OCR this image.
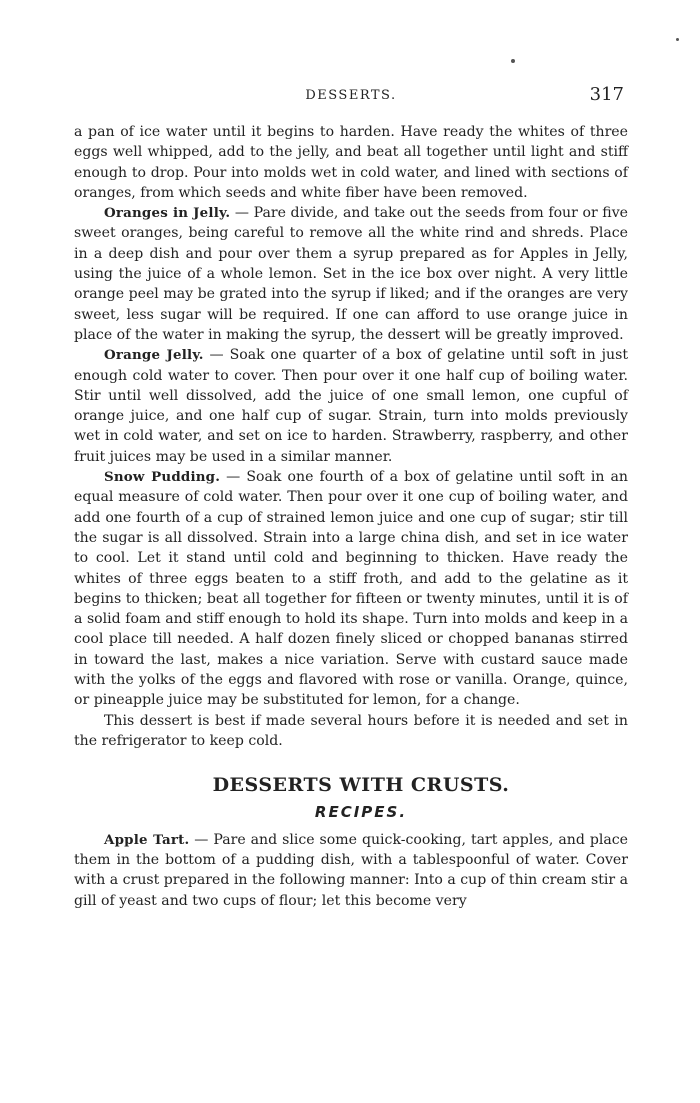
DESSERTS.	317

a pan of ice water until it begins to harden. Have ready the whites of three eggs well whipped, add to the jelly, and beat all together until light and stiff enough to drop. Pour into molds wet in cold water, and lined with sections of oranges, from which seeds and white fiber have been removed.

Oranges in Jelly. — Pare divide, and take out the seeds from four or five sweet oranges, being careful to remove all the white rind and shreds. Place in a deep dish and pour over them a syrup prepared as for Apples in Jelly, using the juice of a whole lemon. Set in the ice box over night. A very little orange peel may be grated into the syrup if liked; and if the oranges are very sweet, less sugar will be required. If one can afford to use orange juice in place of the water in making the syrup, the dessert will be greatly improved.

Orange Jelly. — Soak one quarter of a box of gelatine until soft in just enough cold water to cover. Then pour over it one half cup of boiling water. Stir until well dissolved, add the juice of one small lemon, one cupful of orange juice, and one half cup of sugar. Strain, turn into molds previously wet in cold water, and set on ice to harden. Strawberry, raspberry, and other fruit juices may be used in a similar manner.

Snow Pudding. — Soak one fourth of a box of gelatine until soft in an equal measure of cold water. Then pour over it one cup of boiling water, and add one fourth of a cup of strained lemon juice and one cup of sugar; stir till the sugar is all dissolved. Strain into a large china dish, and set in ice water to cool. Let it stand until cold and beginning to thicken. Have ready the whites of three eggs beaten to a stiff froth, and add to the gelatine as it begins to thicken; beat all together for fifteen or twenty minutes, until it is of a solid foam and stiff enough to hold its shape. Turn into molds and keep in a cool place till needed. A half dozen finely sliced or chopped bananas stirred in toward the last, makes a nice variation. Serve with custard sauce made with the yolks of the eggs and flavored with rose or vanilla. Orange, quince, or pineapple juice may be substituted for lemon, for a change.

This dessert is best if made several hours before it is needed and set in the refrigerator to keep cold.

DESSERTS WITH CRUSTS.
RECIPES.

Apple Tart. — Pare and slice some quick-cooking, tart apples, and place them in the bottom of a pudding dish, with a tablespoonful of water. Cover with a crust prepared in the following manner: Into a cup of thin cream stir a gill of yeast and two cups of flour; let this become very
